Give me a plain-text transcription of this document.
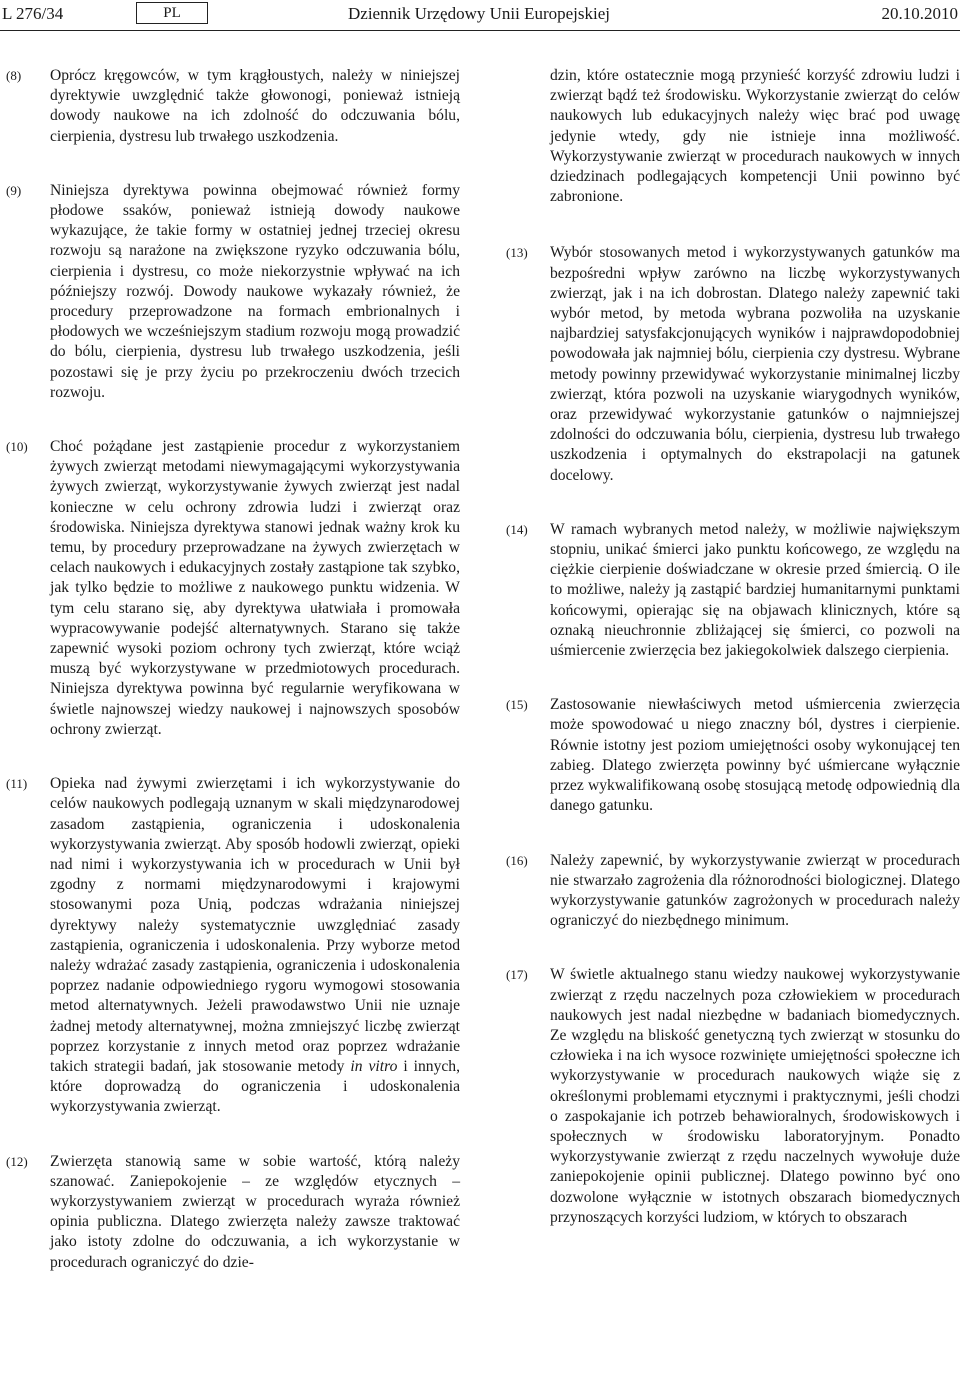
L 276/34	PL	Dziennik Urzędowy Unii Europejskiej	20.10.2010
(8) Oprócz kręgowców, w tym krągłoustych, należy w niniejszej dyrektywie uwzględnić także głowonogi, ponieważ istnieją dowody naukowe na ich zdolność do odczuwania bólu, cierpienia, dystresu lub trwałego uszkodzenia.

(9) Niniejsza dyrektywa powinna obejmować również formy płodowe ssaków, ponieważ istnieją dowody naukowe wykazujące, że takie formy w ostatniej jednej trzeciej okresu rozwoju są narażone na zwiększone ryzyko odczuwania bólu, cierpienia i dystresu, co może niekorzystnie wpływać na ich późniejszy rozwój. Dowody naukowe wykazały również, że procedury przeprowadzone na formach embrionalnych i płodowych we wcześniejszym stadium rozwoju mogą prowadzić do bólu, cierpienia, dystresu lub trwałego uszkodzenia, jeśli pozostawi się je przy życiu po przekroczeniu dwóch trzecich rozwoju.

(10) Choć pożądane jest zastąpienie procedur z wykorzystaniem żywych zwierząt metodami niewymagającymi wykorzystywania żywych zwierząt, wykorzystywanie żywych zwierząt jest nadal konieczne w celu ochrony zdrowia ludzi i zwierząt oraz środowiska. Niniejsza dyrektywa stanowi jednak ważny krok ku temu, by procedury przeprowadzane na żywych zwierzętach w celach naukowych i edukacyjnych zostały zastąpione tak szybko, jak tylko będzie to możliwe z naukowego punktu widzenia. W tym celu starano się, aby dyrektywa ułatwiała i promowała wypracowywanie podejść alternatywnych. Starano się także zapewnić wysoki poziom ochrony tych zwierząt, które wciąż muszą być wykorzystywane w przedmiotowych procedurach. Niniejsza dyrektywa powinna być regularnie weryfikowana w świetle najnowszej wiedzy naukowej i najnowszych sposobów ochrony zwierząt.

(11) Opieka nad żywymi zwierzętami i ich wykorzystywanie do celów naukowych podlegają uznanym w skali międzynarodowej zasadom zastąpienia, ograniczenia i udoskonalenia wykorzystywania zwierząt. Aby sposób hodowli zwierząt, opieki nad nimi i wykorzystywania ich w procedurach w Unii był zgodny z normami międzynarodowymi i krajowymi stosowanymi poza Unią, podczas wdrażania niniejszej dyrektywy należy systematycznie uwzględniać zasady zastąpienia, ograniczenia i udoskonalenia. Przy wyborze metod należy wdrażać zasady zastąpienia, ograniczenia i udoskonalenia poprzez nadanie odpowiedniego rygoru wymogowi stosowania metod alternatywnych. Jeżeli prawodawstwo Unii nie uznaje żadnej metody alternatywnej, można zmniejszyć liczbę zwierząt poprzez korzystanie z innych metod oraz poprzez wdrażanie takich strategii badań, jak stosowanie metody in vitro i innych, które doprowadzą do ograniczenia i udoskonalenia wykorzystywania zwierząt.

(12) Zwierzęta stanowią same w sobie wartość, którą należy szanować. Zaniepokojenie – ze względów etycznych – wykorzystywaniem zwierząt w procedurach wyraża również opinia publiczna. Dlatego zwierzęta należy zawsze traktować jako istoty zdolne do odczuwania, a ich wykorzystanie w procedurach ograniczyć do dzie-

dzin, które ostatecznie mogą przynieść korzyść zdrowiu ludzi i zwierząt bądź też środowisku. Wykorzystanie zwierząt do celów naukowych lub edukacyjnych należy więc brać pod uwagę jedynie wtedy, gdy nie istnieje inna możliwość. Wykorzystywanie zwierząt w procedurach naukowych w innych dziedzinach podlegających kompetencji Unii powinno być zabronione.

(13) Wybór stosowanych metod i wykorzystywanych gatunków ma bezpośredni wpływ zarówno na liczbę wykorzystywanych zwierząt, jak i na ich dobrostan. Dlatego należy zapewnić taki wybór metod, by metoda wybrana pozwoliła na uzyskanie najbardziej satysfakcjonujących wyników i najprawdopodobniej powodowała jak najmniej bólu, cierpienia czy dystresu. Wybrane metody powinny przewidywać wykorzystanie minimalnej liczby zwierząt, która pozwoli na uzyskanie wiarygodnych wyników, oraz przewidywać wykorzystanie gatunków o najmniejszej zdolności do odczuwania bólu, cierpienia, dystresu lub trwałego uszkodzenia i optymalnych do ekstrapolacji na gatunek docelowy.

(14) W ramach wybranych metod należy, w możliwie największym stopniu, unikać śmierci jako punktu końcowego, ze względu na ciężkie cierpienie doświadczane w okresie przed śmiercią. O ile to możliwe, należy ją zastąpić bardziej humanitarnymi punktami końcowymi, opierając się na objawach klinicznych, które są oznaką nieuchronnie zbliżającej się śmierci, co pozwoli na uśmiercenie zwierzęcia bez jakiegokolwiek dalszego cierpienia.

(15) Zastosowanie niewłaściwych metod uśmiercenia zwierzęcia może spowodować u niego znaczny ból, dystres i cierpienie. Równie istotny jest poziom umiejętności osoby wykonującej ten zabieg. Dlatego zwierzęta powinny być uśmiercane wyłącznie przez wykwalifikowaną osobę stosującą metodę odpowiednią dla danego gatunku.

(16) Należy zapewnić, by wykorzystywanie zwierząt w procedurach nie stwarzało zagrożenia dla różnorodności biologicznej. Dlatego wykorzystywanie gatunków zagrożonych w procedurach należy ograniczyć do niezbędnego minimum.

(17) W świetle aktualnego stanu wiedzy naukowej wykorzystywanie zwierząt z rzędu naczelnych poza człowiekiem w procedurach naukowych jest nadal niezbędne w badaniach biomedycznych. Ze względu na bliskość genetyczną tych zwierząt w stosunku do człowieka i na ich wysoce rozwinięte umiejętności społeczne ich wykorzystywanie w procedurach naukowych wiąże się z określonymi problemami etycznymi i praktycznymi, jeśli chodzi o zaspokajanie ich potrzeb behawioralnych, środowiskowych i społecznych w środowisku laboratoryjnym. Ponadto wykorzystywanie zwierząt z rzędu naczelnych wywołuje duże zaniepokojenie opinii publicznej. Dlatego powinno być ono dozwolone wyłącznie w istotnych obszarach biomedycznych przynoszących korzyści ludziom, w których to obszarach
